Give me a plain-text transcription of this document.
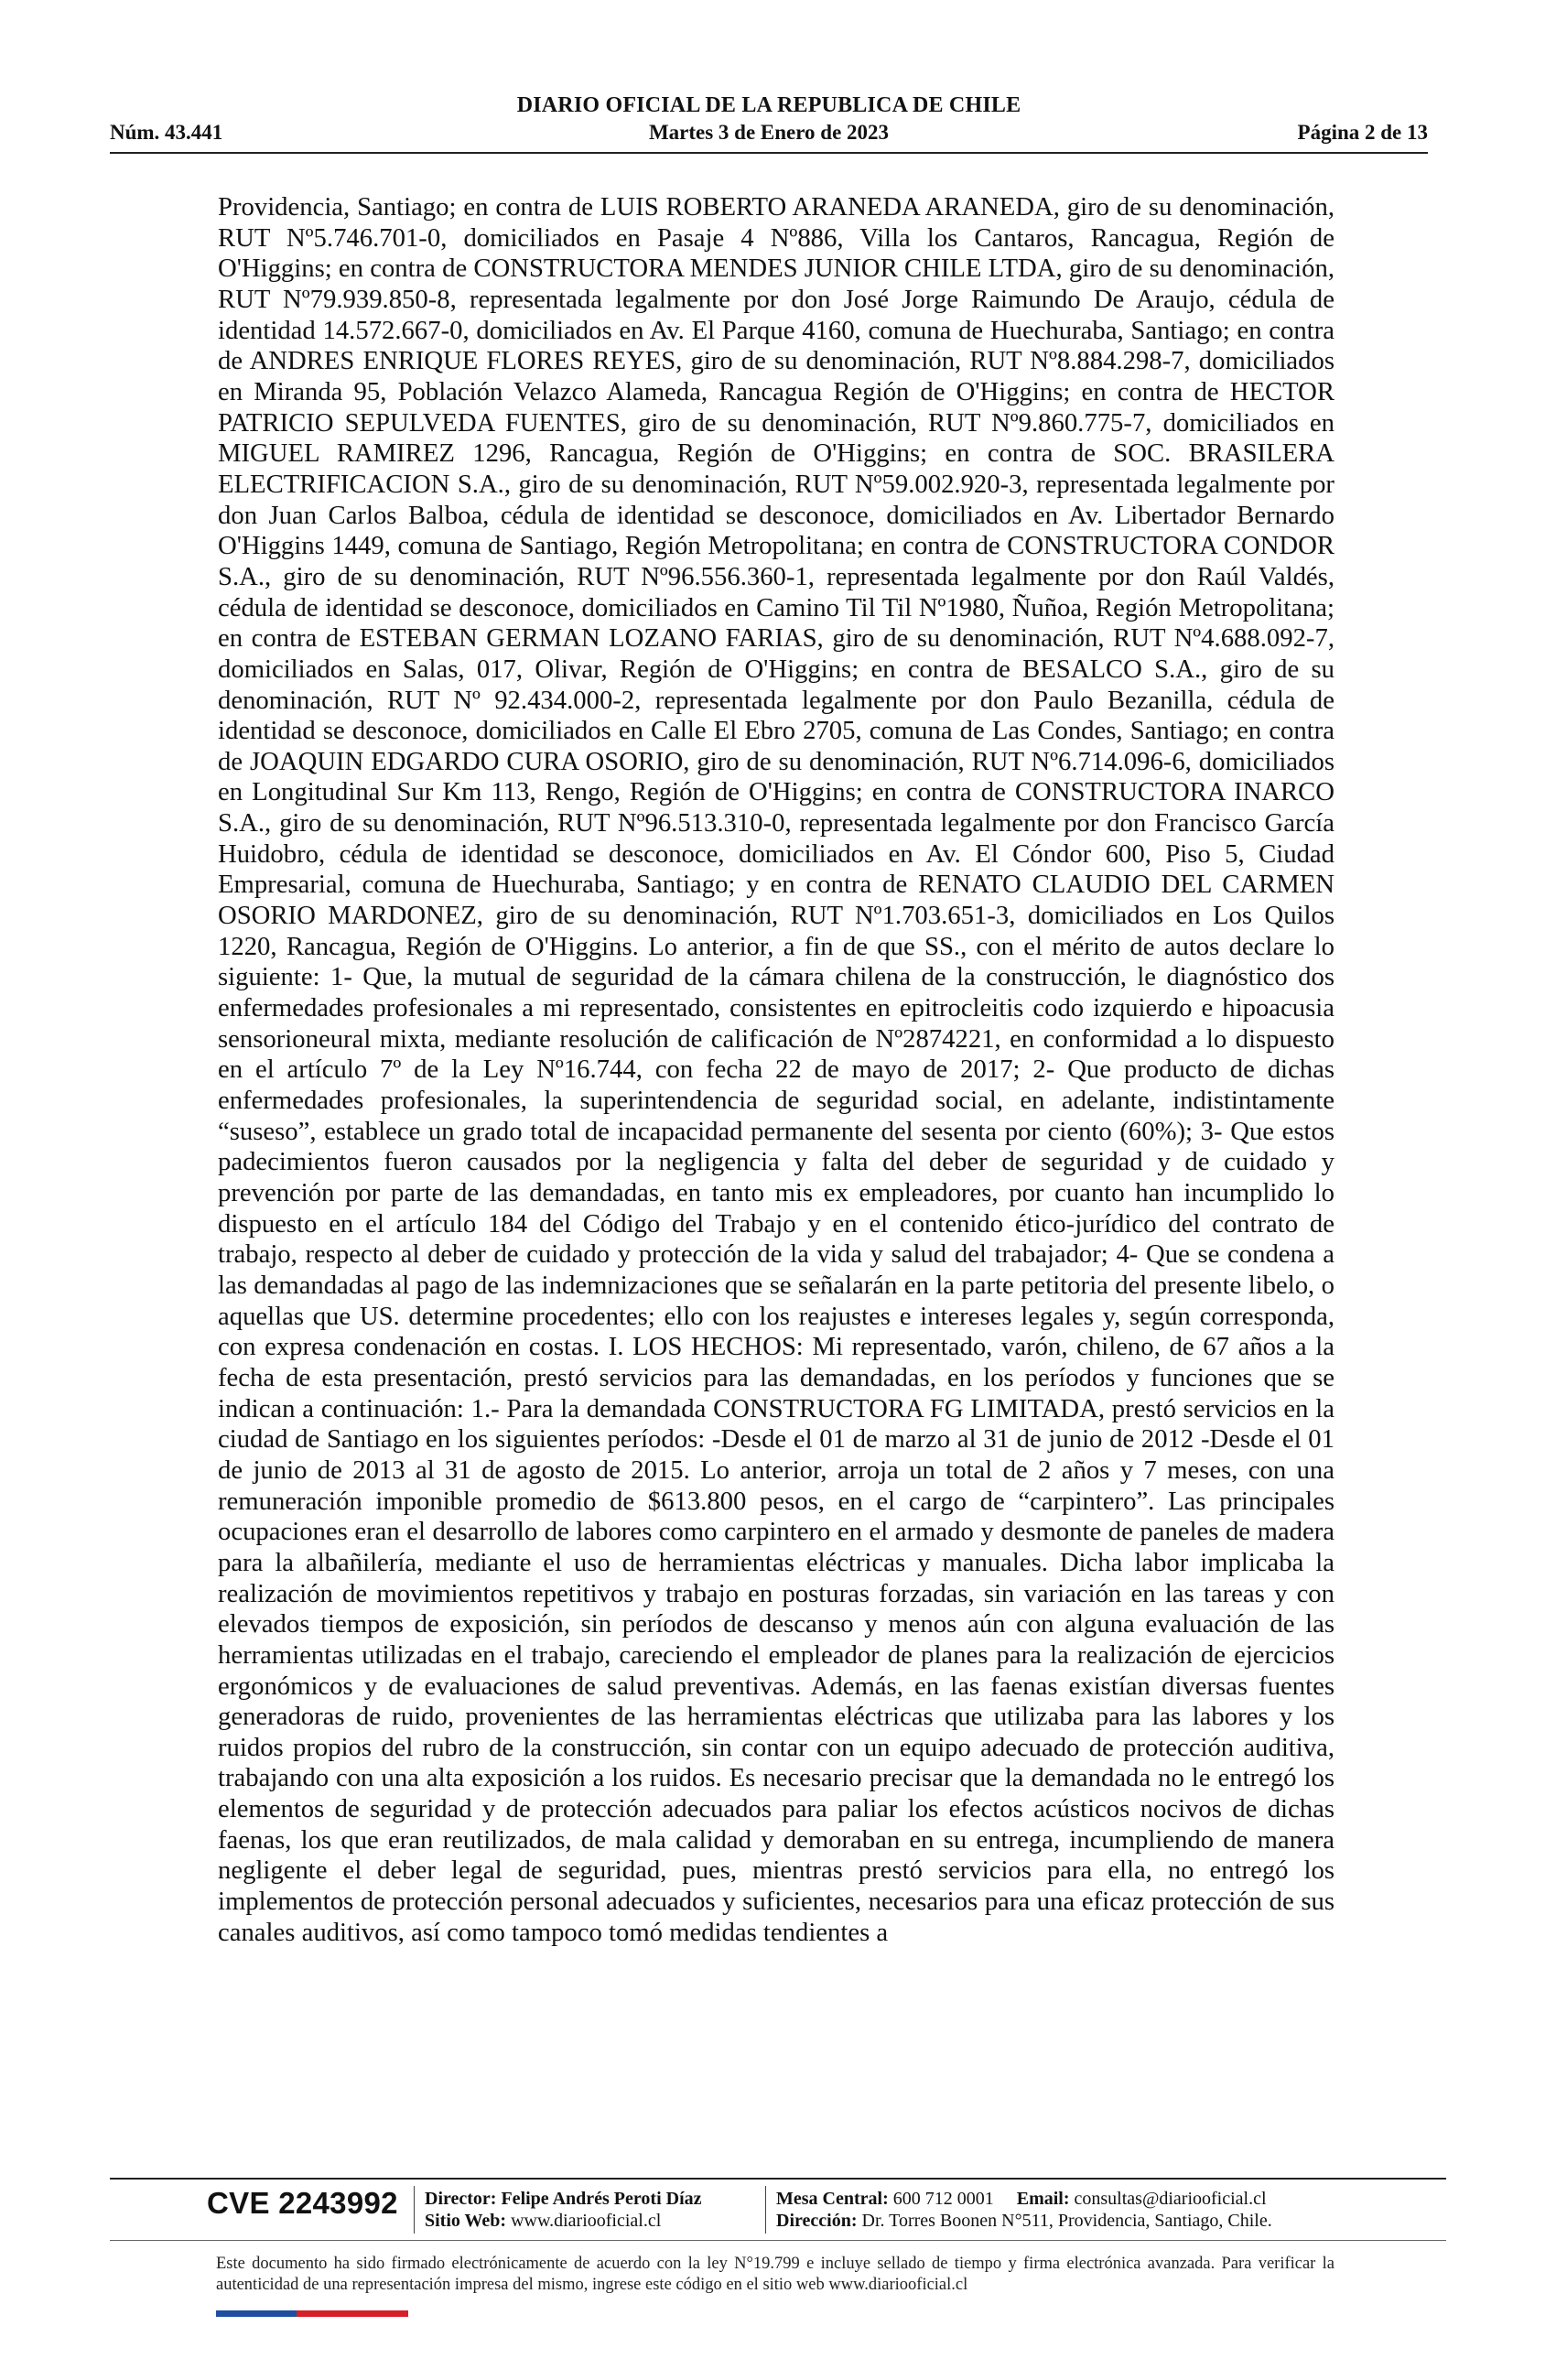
DIARIO OFICIAL DE LA REPUBLICA DE CHILE
Núm. 43.441	Martes 3 de Enero de 2023	Página 2 de 13
Providencia, Santiago; en contra de LUIS ROBERTO ARANEDA ARANEDA, giro de su denominación, RUT Nº5.746.701-0, domiciliados en Pasaje 4 Nº886, Villa los Cantaros, Rancagua, Región de O'Higgins; en contra de CONSTRUCTORA MENDES JUNIOR CHILE LTDA, giro de su denominación, RUT Nº79.939.850-8, representada legalmente por don José Jorge Raimundo De Araujo, cédula de identidad 14.572.667-0, domiciliados en Av. El Parque 4160, comuna de Huechuraba, Santiago; en contra de ANDRES ENRIQUE FLORES REYES, giro de su denominación, RUT Nº8.884.298-7, domiciliados en Miranda 95, Población Velazco Alameda, Rancagua Región de O'Higgins; en contra de HECTOR PATRICIO SEPULVEDA FUENTES, giro de su denominación, RUT Nº9.860.775-7, domiciliados en MIGUEL RAMIREZ 1296, Rancagua, Región de O'Higgins; en contra de SOC. BRASILERA ELECTRIFICACION S.A., giro de su denominación, RUT Nº59.002.920-3, representada legalmente por don Juan Carlos Balboa, cédula de identidad se desconoce, domiciliados en Av. Libertador Bernardo O'Higgins 1449, comuna de Santiago, Región Metropolitana; en contra de CONSTRUCTORA CONDOR S.A., giro de su denominación, RUT Nº96.556.360-1, representada legalmente por don Raúl Valdés, cédula de identidad se desconoce, domiciliados en Camino Til Til Nº1980, Ñuñoa, Región Metropolitana; en contra de ESTEBAN GERMAN LOZANO FARIAS, giro de su denominación, RUT Nº4.688.092-7, domiciliados en Salas, 017, Olivar, Región de O'Higgins; en contra de BESALCO S.A., giro de su denominación, RUT Nº 92.434.000-2, representada legalmente por don Paulo Bezanilla, cédula de identidad se desconoce, domiciliados en Calle El Ebro 2705, comuna de Las Condes, Santiago; en contra de JOAQUIN EDGARDO CURA OSORIO, giro de su denominación, RUT Nº6.714.096-6, domiciliados en Longitudinal Sur Km 113, Rengo, Región de O'Higgins; en contra de CONSTRUCTORA INARCO S.A., giro de su denominación, RUT Nº96.513.310-0, representada legalmente por don Francisco García Huidobro, cédula de identidad se desconoce, domiciliados en Av. El Cóndor 600, Piso 5, Ciudad Empresarial, comuna de Huechuraba, Santiago; y en contra de RENATO CLAUDIO DEL CARMEN OSORIO MARDONEZ, giro de su denominación, RUT Nº1.703.651-3, domiciliados en Los Quilos 1220, Rancagua, Región de O'Higgins. Lo anterior, a fin de que SS., con el mérito de autos declare lo siguiente: 1- Que, la mutual de seguridad de la cámara chilena de la construcción, le diagnóstico dos enfermedades profesionales a mi representado, consistentes en epitrocleitis codo izquierdo e hipoacusia sensorioneural mixta, mediante resolución de calificación de Nº2874221, en conformidad a lo dispuesto en el artículo 7º de la Ley Nº16.744, con fecha 22 de mayo de 2017; 2- Que producto de dichas enfermedades profesionales, la superintendencia de seguridad social, en adelante, indistintamente “suseso”, establece un grado total de incapacidad permanente del sesenta por ciento (60%); 3- Que estos padecimientos fueron causados por la negligencia y falta del deber de seguridad y de cuidado y prevención por parte de las demandadas, en tanto mis ex empleadores, por cuanto han incumplido lo dispuesto en el artículo 184 del Código del Trabajo y en el contenido ético-jurídico del contrato de trabajo, respecto al deber de cuidado y protección de la vida y salud del trabajador; 4- Que se condena a las demandadas al pago de las indemnizaciones que se señalarán en la parte petitoria del presente libelo, o aquellas que US. determine procedentes; ello con los reajustes e intereses legales y, según corresponda, con expresa condenación en costas. I. LOS HECHOS: Mi representado, varón, chileno, de 67 años a la fecha de esta presentación, prestó servicios para las demandadas, en los períodos y funciones que se indican a continuación: 1.- Para la demandada CONSTRUCTORA FG LIMITADA, prestó servicios en la ciudad de Santiago en los siguientes períodos: -Desde el 01 de marzo al 31 de junio de 2012 -Desde el 01 de junio de 2013 al 31 de agosto de 2015. Lo anterior, arroja un total de 2 años y 7 meses, con una remuneración imponible promedio de $613.800 pesos, en el cargo de “carpintero”. Las principales ocupaciones eran el desarrollo de labores como carpintero en el armado y desmonte de paneles de madera para la albañilería, mediante el uso de herramientas eléctricas y manuales. Dicha labor implicaba la realización de movimientos repetitivos y trabajo en posturas forzadas, sin variación en las tareas y con elevados tiempos de exposición, sin períodos de descanso y menos aún con alguna evaluación de las herramientas utilizadas en el trabajo, careciendo el empleador de planes para la realización de ejercicios ergonómicos y de evaluaciones de salud preventivas. Además, en las faenas existían diversas fuentes generadoras de ruido, provenientes de las herramientas eléctricas que utilizaba para las labores y los ruidos propios del rubro de la construcción, sin contar con un equipo adecuado de protección auditiva, trabajando con una alta exposición a los ruidos. Es necesario precisar que la demandada no le entregó los elementos de seguridad y de protección adecuados para paliar los efectos acústicos nocivos de dichas faenas, los que eran reutilizados, de mala calidad y demoraban en su entrega, incumpliendo de manera negligente el deber legal de seguridad, pues, mientras prestó servicios para ella, no entregó los implementos de protección personal adecuados y suficientes, necesarios para una eficaz protección de sus canales auditivos, así como tampoco tomó medidas tendientes a
CVE 2243992 Director: Felipe Andrés Peroti Díaz
Sitio Web: www.diariooficial.cl
Mesa Central: 600 712 0001 Email: consultas@diariooficial.cl
Dirección: Dr. Torres Boonen N°511, Providencia, Santiago, Chile.
Este documento ha sido firmado electrónicamente de acuerdo con la ley N°19.799 e incluye sellado de tiempo y firma electrónica avanzada. Para verificar la autenticidad de una representación impresa del mismo, ingrese este código en el sitio web www.diariooficial.cl
